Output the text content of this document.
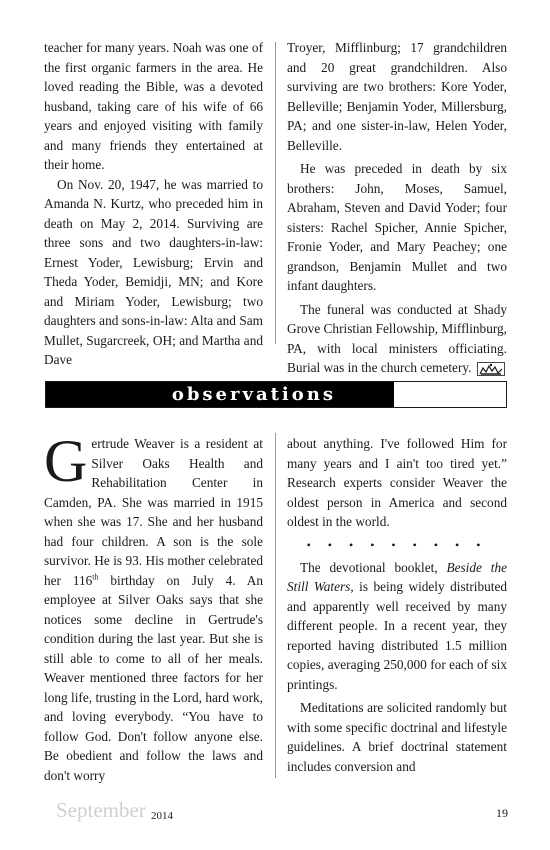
teacher for many years. Noah was one of the first organic farmers in the area. He loved reading the Bible, was a devoted husband, taking care of his wife of 66 years and enjoyed visiting with family and many friends they entertained at their home.

On Nov. 20, 1947, he was married to Amanda N. Kurtz, who preceded him in death on May 2, 2014. Surviving are three sons and two daughters-in-law: Ernest Yoder, Lewisburg; Ervin and Theda Yoder, Bemidji, MN; and Kore and Miriam Yoder, Lewisburg; two daughters and sons-in-law: Alta and Sam Mullet, Sugarcreek, OH; and Martha and Dave

Troyer, Mifflinburg; 17 grandchildren and 20 great grandchildren. Also surviving are two brothers: Kore Yoder, Belleville; Benjamin Yoder, Millersburg, PA; and one sister-in-law, Helen Yoder, Belleville.

He was preceded in death by six brothers: John, Moses, Samuel, Abraham, Steven and David Yoder; four sisters: Rachel Spicher, Annie Spicher, Fronie Yoder, and Mary Peachey; one grandson, Benjamin Mullet and two infant daughters.

The funeral was conducted at Shady Grove Christian Fellowship, Mifflinburg, PA, with local ministers officiating. Burial was in the church cemetery.

observations

Gertrude Weaver is a resident at Silver Oaks Health and Rehabilitation Center in Camden, PA. She was married in 1915 when she was 17. She and her husband had four children. A son is the sole survivor. He is 93. His mother celebrated her 116th birthday on July 4. An employee at Silver Oaks says that she notices some decline in Gertrude's condition during the last year. But she is still able to come to all of her meals. Weaver mentioned three factors for her long life, trusting in the Lord, hard work, and loving everybody. “You have to follow God. Don't follow anyone else. Be obedient and follow the laws and don't worry

about anything. I've followed Him for many years and I ain't too tired yet.” Research experts consider Weaver the oldest person in America and second oldest in the world.

• • • • • • • • •

The devotional booklet, Beside the Still Waters, is being widely distributed and apparently well received by many different people. In a recent year, they reported having distributed 1.5 million copies, averaging 250,000 for each of six printings.

Meditations are solicited randomly but with some specific doctrinal and lifestyle guidelines. A brief doctrinal statement includes conversion and

September 2014	19
